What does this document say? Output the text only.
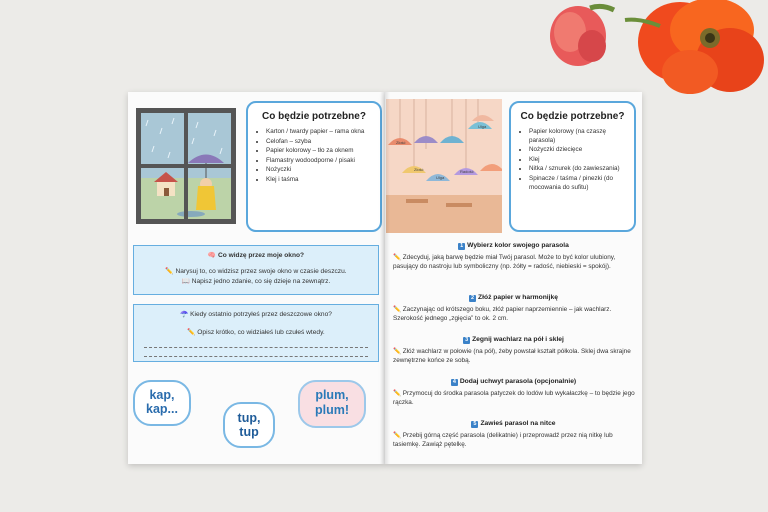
Co będzie potrzebne?
• Karton / twardy papier – rama okna
• Celofan – szyba
• Papier kolorowy – tło za oknem
• Flamastry wodoodporne / pisaki
• Nożyczki
• Klej i taśma
🧠 Co widzę przez moje okno?
✏️ Narysuj to, co widzisz przez swoje okno w czasie deszczu.
📖 Napisz jedno zdanie, co się dzieje na zewnątrz.
☂️ Kiedy ostatnio potrzyłeś przez deszczowe okno?
✏️ Opisz krótko, co widziałeś lub czułeś wtedy.
kap, kap...
tup, tup
plum, plum!
Złość
Ulga
Radość
Złość
Ulga
Co będzie potrzebne?
• Papier kolorowy (na czaszę parasola)
• Nożyczki dziecięce
• Klej
• Nitka / sznurek (do zawieszania)
• Spinacze / taśma / pinezki (do mocowania do sufitu)
1 Wybierz kolor swojego parasola
✏️ Zdecyduj, jaką barwę będzie miał Twój parasol. Może to być kolor ulubiony, pasujący do nastroju lub symboliczny (np. żółty = radość, niebieski = spokój).
2 Złóż papier w harmonijkę
✏️ Zaczynając od krótszego boku, złóż papier naprzemiennie – jak wachlarz. Szerokość jednego „zgięcia” to ok. 2 cm.
3 Zegnij wachlarz na pół i sklej
✏️ Złóż wachlarz w połowie (na pół), żeby powstał kształt półkola. Sklej dwa skrajne zewnętrzne końce ze sobą.
4 Dodaj uchwyt parasola (opcjonalnie)
✏️ Przymocuj do środka parasola patyczek do lodów lub wykałaczkę – to będzie jego rączka.
5 Zawieś parasol na nitce
✏️ Przebij górną część parasola (delikatnie) i przeprowadź przez nią nitkę lub tasiemkę. Zawiąż pętelkę.
